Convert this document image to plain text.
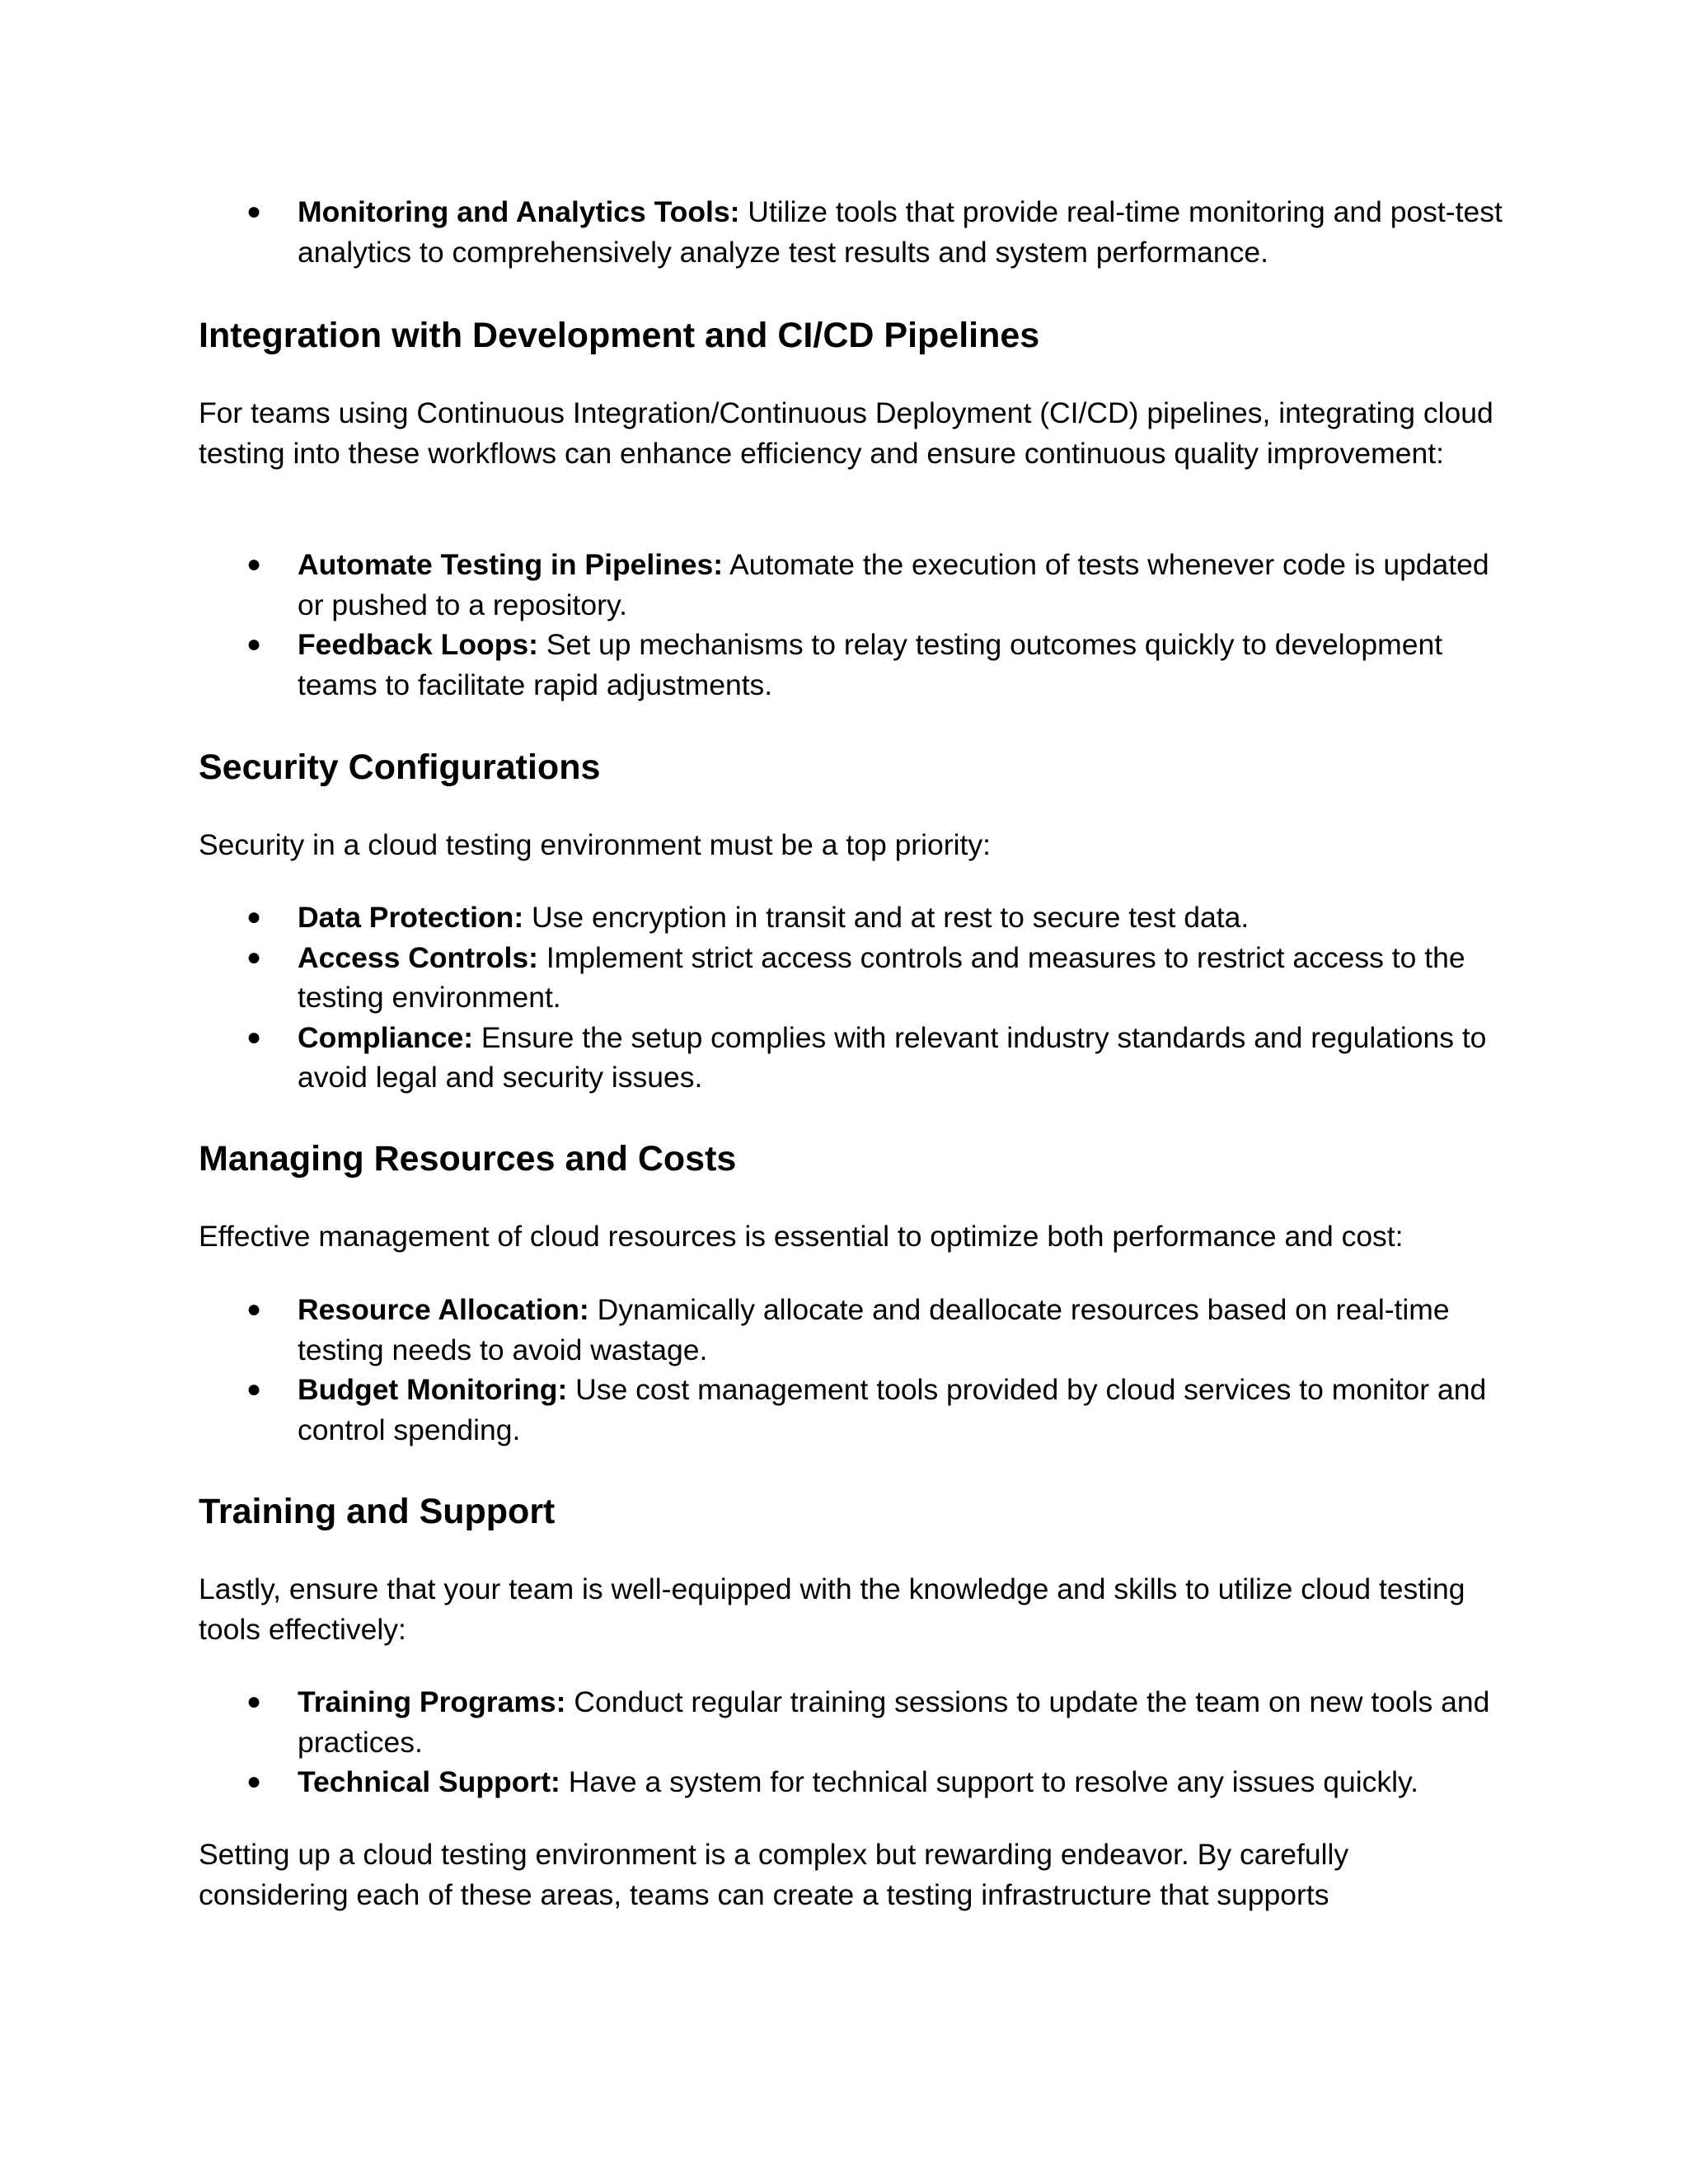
● Monitoring and Analytics Tools: Utilize tools that provide real-time monitoring and post-test analytics to comprehensively analyze test results and system performance.
Integration with Development and CI/CD Pipelines

For teams using Continuous Integration/Continuous Deployment (CI/CD) pipelines, integrating cloud testing into these workflows can enhance efficiency and ensure continuous quality improvement:

● Automate Testing in Pipelines: Automate the execution of tests whenever code is updated or pushed to a repository.
● Feedback Loops: Set up mechanisms to relay testing outcomes quickly to development teams to facilitate rapid adjustments.
Security Configurations

Security in a cloud testing environment must be a top priority:

● Data Protection: Use encryption in transit and at rest to secure test data.
● Access Controls: Implement strict access controls and measures to restrict access to the testing environment.
● Compliance: Ensure the setup complies with relevant industry standards and regulations to avoid legal and security issues.
Managing Resources and Costs

Effective management of cloud resources is essential to optimize both performance and cost:

● Resource Allocation: Dynamically allocate and deallocate resources based on real-time testing needs to avoid wastage.
● Budget Monitoring: Use cost management tools provided by cloud services to monitor and control spending.
Training and Support

Lastly, ensure that your team is well-equipped with the knowledge and skills to utilize cloud testing tools effectively:

● Training Programs: Conduct regular training sessions to update the team on new tools and practices.
● Technical Support: Have a system for technical support to resolve any issues quickly.

Setting up a cloud testing environment is a complex but rewarding endeavor. By carefully considering each of these areas, teams can create a testing infrastructure that supports
